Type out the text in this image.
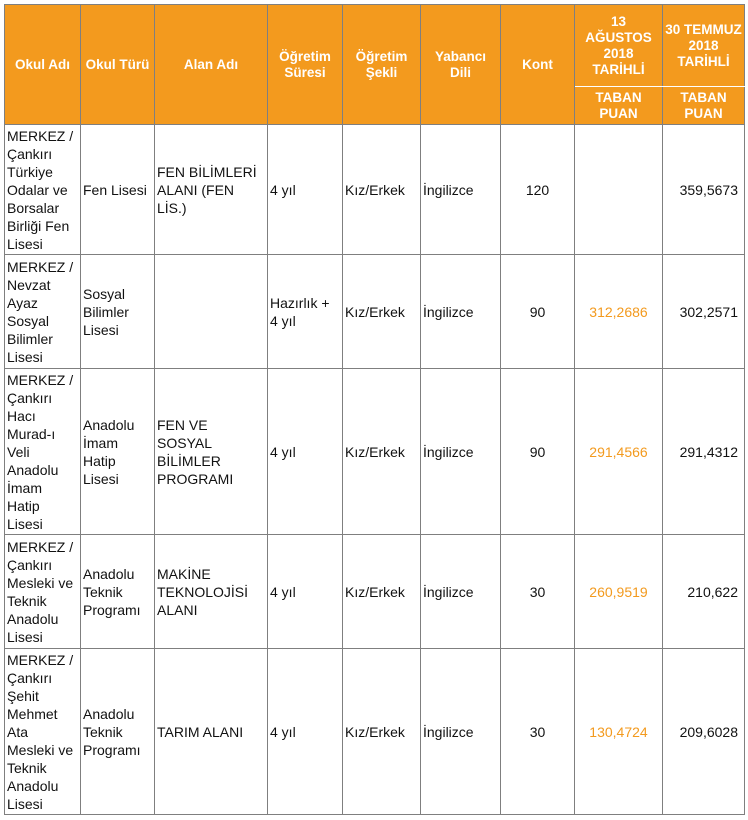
Okul Adı	Okul Türü	Alan Adı	Öğretim Süresi	Öğretim Şekli	Yabancı Dili	Kont	13 AĞUSTOS 2018 TARİHLİ	30 TEMMUZ 2018 TARİHLİ
							TABAN PUAN	TABAN PUAN
MERKEZ / Çankırı Türkiye Odalar ve Borsalar Birliği Fen Lisesi	Fen Lisesi	FEN BİLİMLERİ ALANI (FEN LİS.)	4 yıl	Kız/Erkek	İngilizce	120		359,5673
MERKEZ / Nevzat Ayaz Sosyal Bilimler Lisesi	Sosyal Bilimler Lisesi		Hazırlık + 4 yıl	Kız/Erkek	İngilizce	90	312,2686	302,2571
MERKEZ / Çankırı Hacı Murad-ı Veli Anadolu İmam Hatip Lisesi	Anadolu İmam Hatip Lisesi	FEN VE SOSYAL BİLİMLER PROGRAMI	4 yıl	Kız/Erkek	İngilizce	90	291,4566	291,4312
MERKEZ / Çankırı Mesleki ve Teknik Anadolu Lisesi	Anadolu Teknik Programı	MAKİNE TEKNOLOJİSİ ALANI	4 yıl	Kız/Erkek	İngilizce	30	260,9519	210,622
MERKEZ / Çankırı Şehit Mehmet Ata Mesleki ve Teknik Anadolu Lisesi	Anadolu Teknik Programı	TARIM ALANI	4 yıl	Kız/Erkek	İngilizce	30	130,4724	209,6028
